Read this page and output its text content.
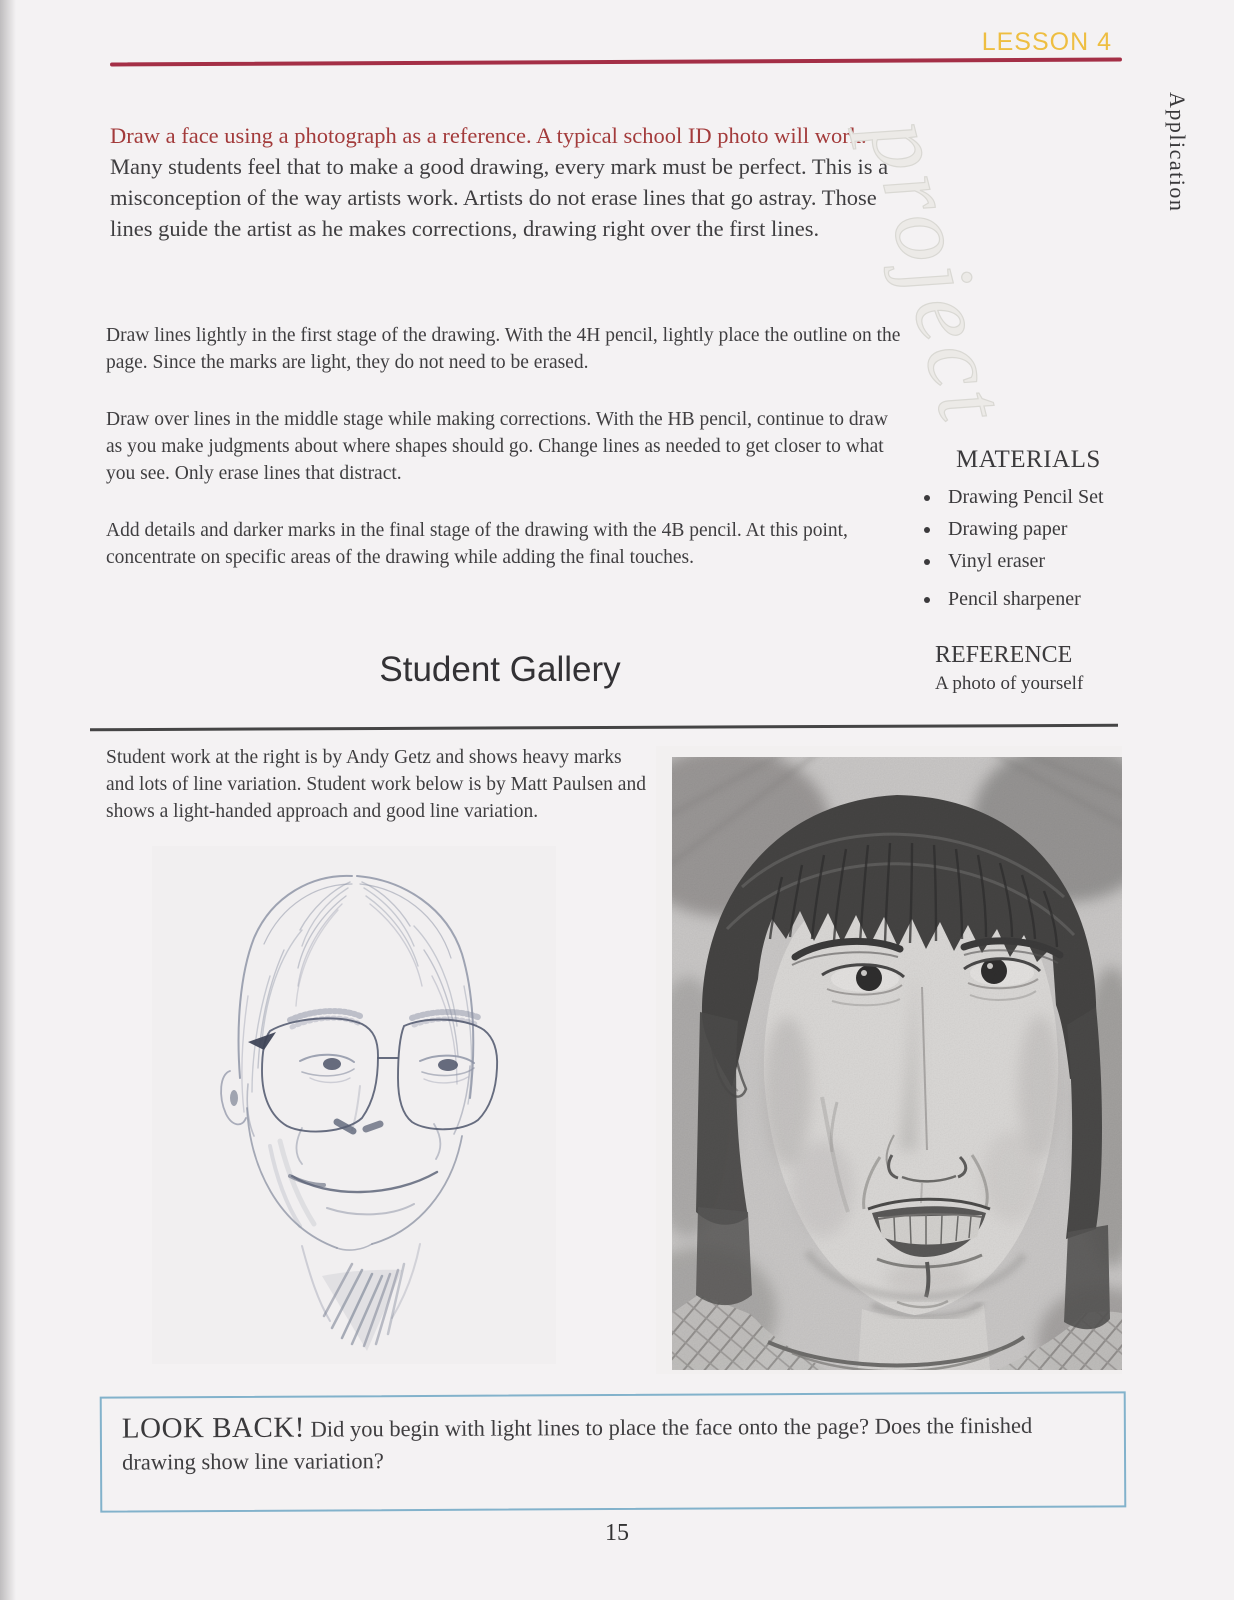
LESSON 4
project	Application
Draw a face using a photograph as a reference. A typical school ID photo will work. Many students feel that to make a good drawing, every mark must be perfect. This is a misconception of the way artists work. Artists do not erase lines that go astray. Those lines guide the artist as he makes corrections, drawing right over the first lines.

Draw lines lightly in the first stage of the drawing. With the 4H pencil, lightly place the outline on the page. Since the marks are light, they do not need to be erased.

Draw over lines in the middle stage while making corrections. With the HB pencil, continue to draw as you make judgments about where shapes should go. Change lines as needed to get closer to what you see. Only erase lines that distract.

Add details and darker marks in the final stage of the drawing with the 4B pencil. At this point, concentrate on specific areas of the drawing while adding the final touches.

MATERIALS
• Drawing Pencil Set
• Drawing paper
• Vinyl eraser
• Pencil sharpener
REFERENCE

A photo of yourself

Student Gallery
Student work at the right is by Andy Getz and shows heavy marks and lots of line variation. Student work below is by Matt Paulsen and shows a light-handed approach and good line variation.
LOOK BACK! Did you begin with light lines to place the face onto the page? Does the finished drawing show line variation?
15
